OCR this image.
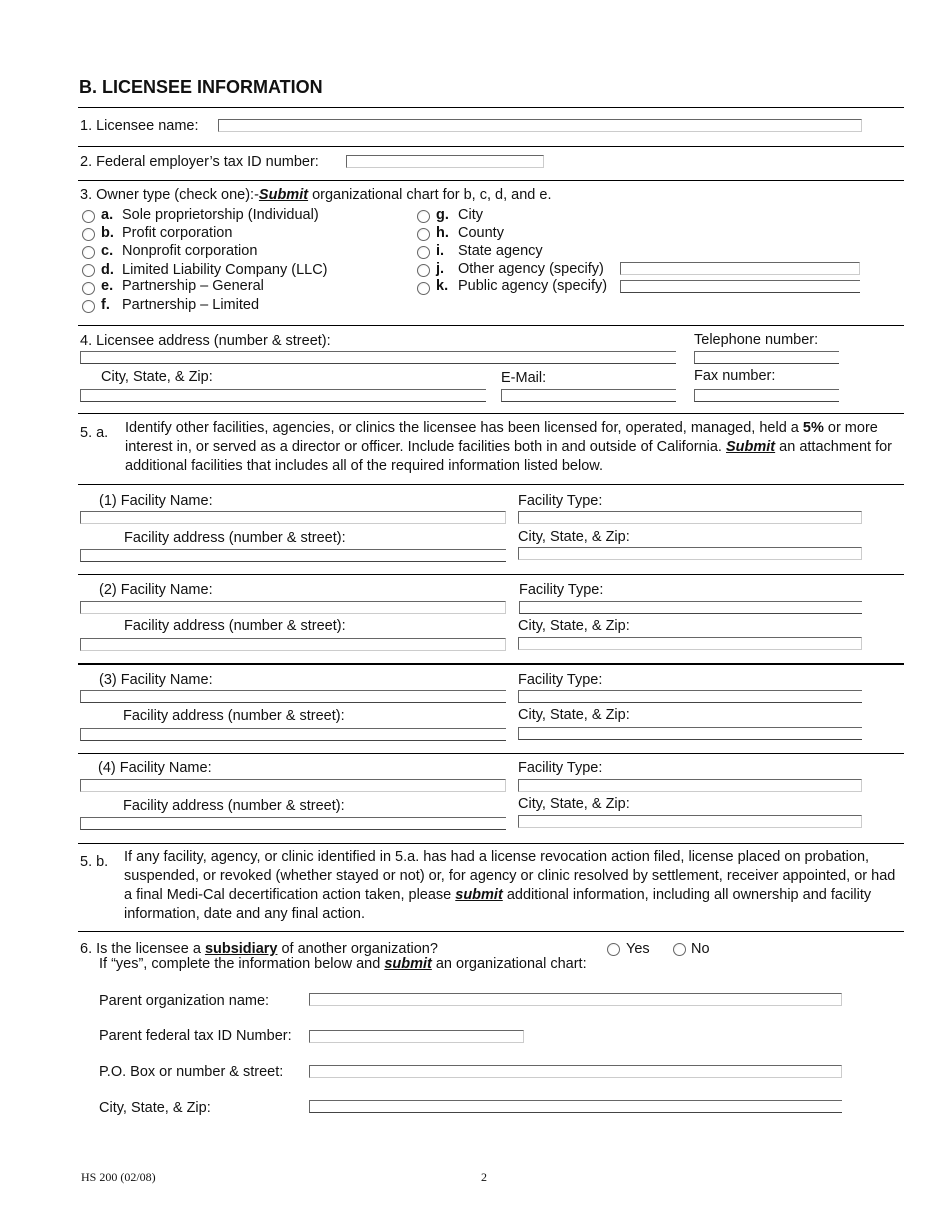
B. LICENSEE INFORMATION
1. Licensee name:
2. Federal employer’s tax ID number:
3. Owner type (check one):-Submit organizational chart for b, c, d, and e.
a. Sole proprietorship (Individual)
b. Profit corporation
c. Nonprofit corporation
d. Limited Liability Company (LLC)
e. Partnership – General
f. Partnership – Limited
g. City
h. County
i. State agency
j. Other agency (specify)
k. Public agency (specify)
4. Licensee address (number & street):	Telephone number:
City, State, & Zip:	E-Mail:	Fax number:
5. a. Identify other facilities, agencies, or clinics the licensee has been licensed for, operated, managed, held a 5% or more interest in, or served as a director or officer. Include facilities both in and outside of California. Submit an attachment for additional facilities that includes all of the required information listed below.
(1) Facility Name:	Facility Type:
Facility address (number & street):	City, State, & Zip:
(2) Facility Name:	Facility Type:
Facility address (number & street):	City, State, & Zip:
(3) Facility Name:	Facility Type:
Facility address (number & street):	City, State, & Zip:
(4) Facility Name:	Facility Type:
Facility address (number & street):	City, State, & Zip:
5. b. If any facility, agency, or clinic identified in 5.a. has had a license revocation action filed, license placed on probation, suspended, or revoked (whether stayed or not) or, for agency or clinic resolved by settlement, receiver appointed, or had a final Medi-Cal decertification action taken, please submit additional information, including all ownership and facility information, date and any final action.
6. Is the licensee a subsidiary of another organization?	Yes	No
If “yes”, complete the information below and submit an organizational chart:
Parent organization name:
Parent federal tax ID Number:
P.O. Box or number & street:
City, State, & Zip:
HS 200 (02/08)	2
